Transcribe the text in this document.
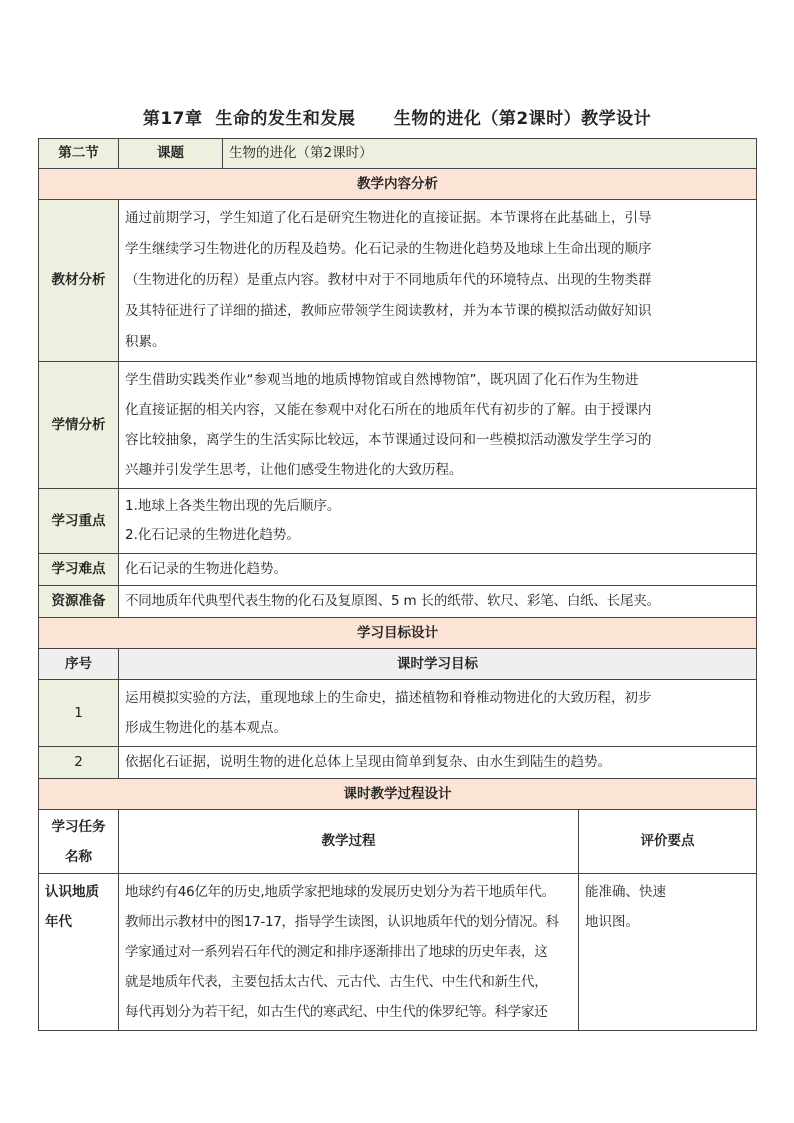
第17章  生命的发生和发展      生物的进化（第2课时）教学设计
第二节	课题	生物的进化（第2课时）	
教学内容分析			
教材分析	通过前期学习，学生知道了化石是研究生物进化的直接证据。本节课将在此基础上，引导
学生继续学习生物进化的历程及趋势。化石记录的生物进化趋势及地球上生命出现的顺序
（生物进化的历程）是重点内容。教材中对于不同地质年代的环境特点、出现的生物类群
及其特征进行了详细的描述，教师应带领学生阅读教材，并为本节课的模拟活动做好知识
积累。		
学情分析	学生借助实践类作业“参观当地的地质博物馆或自然博物馆”，既巩固了化石作为生物进
化直接证据的相关内容，又能在参观中对化石所在的地质年代有初步的了解。由于授课内
容比较抽象，离学生的生活实际比较远，本节课通过设问和一些模拟活动激发学生学习的
兴趣并引发学生思考，让他们感受生物进化的大致历程。		
学习重点	1.地球上各类生物出现的先后顺序。
2.化石记录的生物进化趋势。		

学习难点	化石记录的生物进化趋势。		
资源准备	不同地质年代典型代表生物的化石及复原图、5 m 长的纸带、软尺、彩笔、白纸、长尾夹。		
学习目标设计			
序号	课时学习目标		
1	运用模拟实验的方法，重现地球上的生命史，描述植物和脊椎动物进化的大致历程，初步
形成生物进化的基本观点。		
2	依据化石证据，说明生物的进化总体上呈现由简单到复杂、由水生到陆生的趋势。		
课时教学过程设计			
学习任务
名称	教学过程		评价要点
认识地质
年代	地球约有46亿年的历史,地质学家把地球的发展历史划分为若干地质年代。
教师出示教材中的图17-17，指导学生读图，认识地质年代的划分情况。科
学家通过对一系列岩石年代的测定和排序逐渐排出了地球的历史年表，这
就是地质年代表，主要包括太古代、元古代、古生代、中生代和新生代，
每代再划分为若干纪，如古生代的寒武纪、中生代的侏罗纪等。科学家还		能准确、快速
地识图。
